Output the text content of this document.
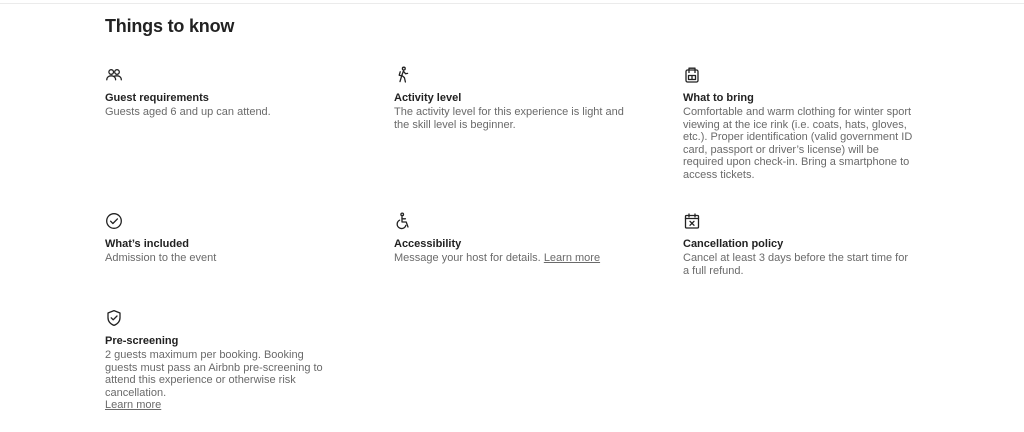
Things to know
Guest requirements
Guests aged 6 and up can attend.
Activity level
The activity level for this experience is light and the skill level is beginner.
What to bring
Comfortable and warm clothing for winter sport viewing at the ice rink (i.e. coats, hats, gloves, etc.). Proper identification (valid government ID card, passport or driver’s license) will be required upon check-in. Bring a smartphone to access tickets.
What’s included
Admission to the event
Accessibility
Message your host for details. Learn more
Cancellation policy
Cancel at least 3 days before the start time for a full refund.
Pre-screening
2 guests maximum per booking. Booking guests must pass an Airbnb pre-screening to attend this experience or otherwise risk cancellation.
Learn more
